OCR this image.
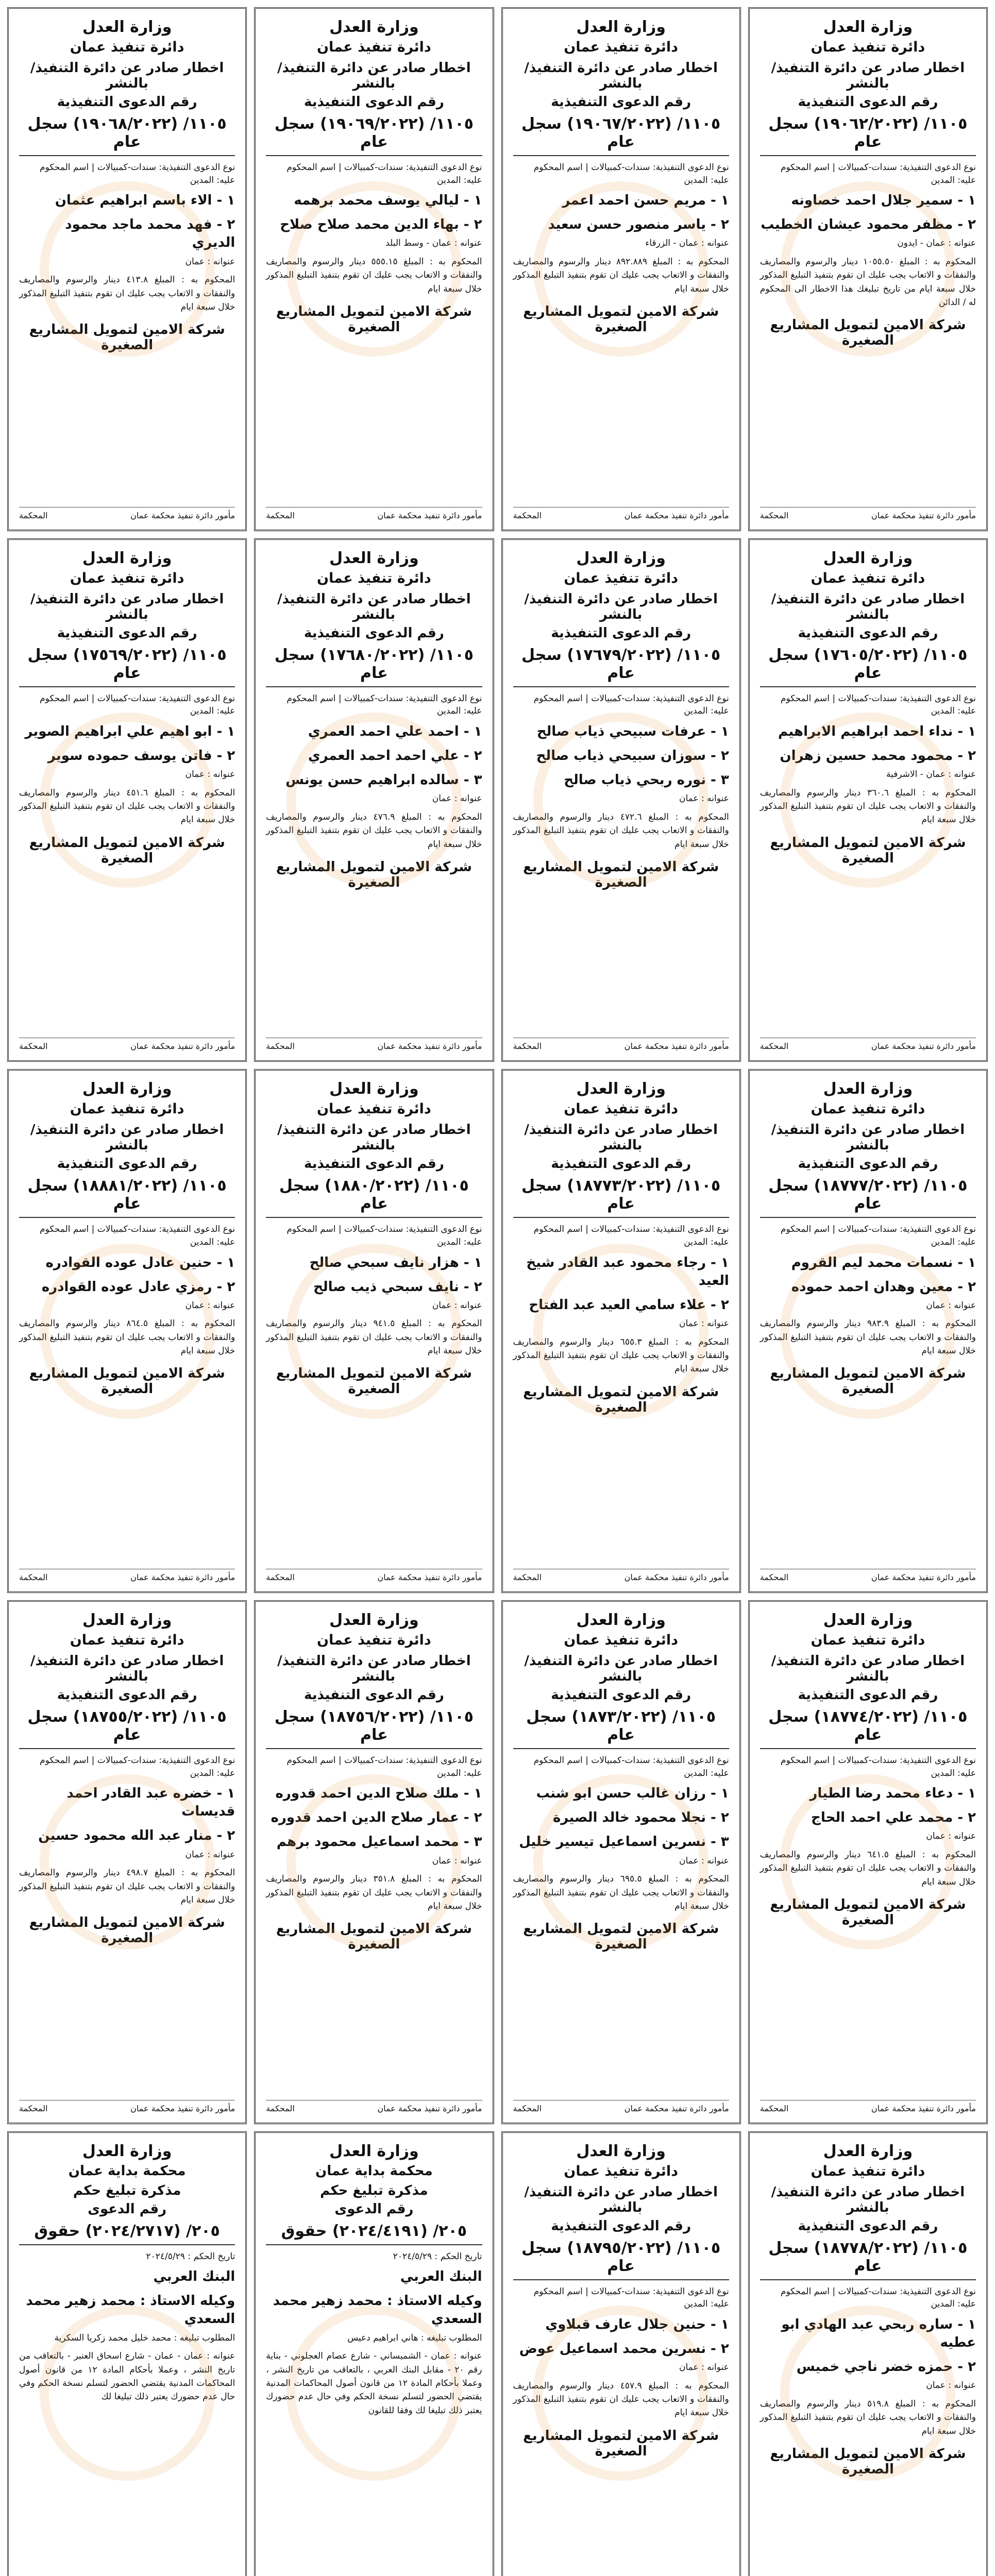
وزارة العدل
دائرة تنفيذ عمان
اخطار صادر عن دائرة التنفيذ/ بالنشر
رقم الدعوى التنفيذية
١١٠٥/ (١٩٠٦٢/٢٠٢٢) سجل عام
نوع الدعوى التنفيذية: سندات-كمبيالات | اسم المحكوم عليه: المدين
١ - سمير جلال احمد خصاونه
٢ - مظفر محمود عيشان الخطيب
عنوانه : عمان - ايدون
المحكوم به : المبلغ ١٠٥٥.٥٠ دينار والرسوم والمصاريف والنفقات و الاتعاب يجب عليك ان تقوم بتنفيذ التبليغ المذكور خلال سبعة ايام من تاريخ تبليغك هذا الاخطار الى المحكوم له / الدائن
شركة الامين لتمويل المشاريع الصغيرة
مأمور دائرة تنفيذ محكمة عمان
المحكمة
وزارة العدل
دائرة تنفيذ عمان
اخطار صادر عن دائرة التنفيذ/ بالنشر
رقم الدعوى التنفيذية
١١٠٥/ (١٩٠٦٧/٢٠٢٢) سجل عام
نوع الدعوى التنفيذية: سندات-كمبيالات | اسم المحكوم عليه: المدين
١ - مريم حسن احمد اعمر
٢ - ياسر منصور حسن سعيد
عنوانه : عمان - الزرقاء
المحكوم به : المبلغ ٨٩٢.٨٨٩ دينار والرسوم والمصاريف والنفقات و الاتعاب يجب عليك ان تقوم بتنفيذ التبليغ المذكور خلال سبعة ايام
شركة الامين لتمويل المشاريع الصغيرة
مأمور دائرة تنفيذ محكمة عمان
المحكمة
وزارة العدل
دائرة تنفيذ عمان
اخطار صادر عن دائرة التنفيذ/ بالنشر
رقم الدعوى التنفيذية
١١٠٥/ (١٩٠٦٩/٢٠٢٢) سجل عام
نوع الدعوى التنفيذية: سندات-كمبيالات | اسم المحكوم عليه: المدين
١ - ليالي يوسف محمد برهمه
٢ - بهاء الدين محمد صلاح صلاح
عنوانه : عمان - وسط البلد
المحكوم به : المبلغ ٥٥٥.١٥ دينار والرسوم والمصاريف والنفقات و الاتعاب يجب عليك ان تقوم بتنفيذ التبليغ المذكور خلال سبعة ايام
شركة الامين لتمويل المشاريع الصغيرة
مأمور دائرة تنفيذ محكمة عمان
المحكمة
وزارة العدل
دائرة تنفيذ عمان
اخطار صادر عن دائرة التنفيذ/ بالنشر
رقم الدعوى التنفيذية
١١٠٥/ (١٩٠٦٨/٢٠٢٢) سجل عام
نوع الدعوى التنفيذية: سندات-كمبيالات | اسم المحكوم عليه: المدين
١ - الاء باسم ابراهيم عثمان
٢ - فهد محمد ماجد محمود الديري
عنوانه : عمان
المحكوم به : المبلغ ٤١٣.٨ دينار والرسوم والمصاريف والنفقات و الاتعاب يجب عليك ان تقوم بتنفيذ التبليغ المذكور خلال سبعة ايام
شركة الامين لتمويل المشاريع الصغيرة
مأمور دائرة تنفيذ محكمة عمان
المحكمة
وزارة العدل
دائرة تنفيذ عمان
اخطار صادر عن دائرة التنفيذ/ بالنشر
رقم الدعوى التنفيذية
١١٠٥/ (١٧٦٠٥/٢٠٢٢) سجل عام
نوع الدعوى التنفيذية: سندات-كمبيالات | اسم المحكوم عليه: المدين
١ - نداء احمد ابراهيم الابراهيم
٢ - محمود محمد حسين زهران
عنوانه : عمان - الاشرفية
المحكوم به : المبلغ ٣٦٠.٦ دينار والرسوم والمصاريف والنفقات و الاتعاب يجب عليك ان تقوم بتنفيذ التبليغ المذكور خلال سبعة ايام
شركة الامين لتمويل المشاريع الصغيرة
مأمور دائرة تنفيذ محكمة عمان
المحكمة
وزارة العدل
دائرة تنفيذ عمان
اخطار صادر عن دائرة التنفيذ/ بالنشر
رقم الدعوى التنفيذية
١١٠٥/ (١٧٦٧٩/٢٠٢٢) سجل عام
نوع الدعوى التنفيذية: سندات-كمبيالات | اسم المحكوم عليه: المدين
١ - عرفات سبيحي ذياب صالح
٢ - سوزان سبيحي ذياب صالح
٣ - نوره ربحي ذياب صالح
عنوانه : عمان
المحكوم به : المبلغ ٤٧٢.٦ دينار والرسوم والمصاريف والنفقات و الاتعاب يجب عليك ان تقوم بتنفيذ التبليغ المذكور خلال سبعة ايام
شركة الامين لتمويل المشاريع الصغيرة
مأمور دائرة تنفيذ محكمة عمان
المحكمة
وزارة العدل
دائرة تنفيذ عمان
اخطار صادر عن دائرة التنفيذ/ بالنشر
رقم الدعوى التنفيذية
١١٠٥/ (١٧٦٨٠/٢٠٢٢) سجل عام
نوع الدعوى التنفيذية: سندات-كمبيالات | اسم المحكوم عليه: المدين
١ - احمد علي احمد العمري
٢ - علي احمد احمد العمري
٣ - سالده ابراهيم حسن يونس
عنوانه : عمان
المحكوم به : المبلغ ٤٧٦.٩ دينار والرسوم والمصاريف والنفقات و الاتعاب يجب عليك ان تقوم بتنفيذ التبليغ المذكور خلال سبعة ايام
شركة الامين لتمويل المشاريع الصغيرة
مأمور دائرة تنفيذ محكمة عمان
المحكمة
وزارة العدل
دائرة تنفيذ عمان
اخطار صادر عن دائرة التنفيذ/ بالنشر
رقم الدعوى التنفيذية
١١٠٥/ (١٧٥٦٩/٢٠٢٢) سجل عام
نوع الدعوى التنفيذية: سندات-كمبيالات | اسم المحكوم عليه: المدين
١ - ابو اهيم علي ابراهيم الصوير
٢ - فاتن يوسف حموده سوير
عنوانه : عمان
المحكوم به : المبلغ ٤٥١.٦ دينار والرسوم والمصاريف والنفقات و الاتعاب يجب عليك ان تقوم بتنفيذ التبليغ المذكور خلال سبعة ايام
شركة الامين لتمويل المشاريع الصغيرة
مأمور دائرة تنفيذ محكمة عمان
المحكمة
وزارة العدل
دائرة تنفيذ عمان
اخطار صادر عن دائرة التنفيذ/ بالنشر
رقم الدعوى التنفيذية
١١٠٥/ (١٨٧٧٧/٢٠٢٢) سجل عام
نوع الدعوى التنفيذية: سندات-كمبيالات | اسم المحكوم عليه: المدين
١ - نسمات محمد ليم القروم
٢ - معين وهدان احمد حموده
عنوانه : عمان
المحكوم به : المبلغ ٩٨٣.٩ دينار والرسوم والمصاريف والنفقات و الاتعاب يجب عليك ان تقوم بتنفيذ التبليغ المذكور خلال سبعة ايام
شركة الامين لتمويل المشاريع الصغيرة
مأمور دائرة تنفيذ محكمة عمان
المحكمة
وزارة العدل
دائرة تنفيذ عمان
اخطار صادر عن دائرة التنفيذ/ بالنشر
رقم الدعوى التنفيذية
١١٠٥/ (١٨٧٧٣/٢٠٢٢) سجل عام
نوع الدعوى التنفيذية: سندات-كمبيالات | اسم المحكوم عليه: المدين
١ - رجاء محمود عبد القادر شيخ العيد
٢ - علاء سامي العيد عبد الفتاح
عنوانه : عمان
المحكوم به : المبلغ ٦٥٥.٣ دينار والرسوم والمصاريف والنفقات و الاتعاب يجب عليك ان تقوم بتنفيذ التبليغ المذكور خلال سبعة ايام
شركة الامين لتمويل المشاريع الصغيرة
مأمور دائرة تنفيذ محكمة عمان
المحكمة
وزارة العدل
دائرة تنفيذ عمان
اخطار صادر عن دائرة التنفيذ/ بالنشر
رقم الدعوى التنفيذية
١١٠٥/ (١٨٨٠/٢٠٢٢) سجل عام
نوع الدعوى التنفيذية: سندات-كمبيالات | اسم المحكوم عليه: المدين
١ - هزار نايف سبحي صالح
٢ - نايف سبحي ذيب صالح
عنوانه : عمان
المحكوم به : المبلغ ٩٤١.٥ دينار والرسوم والمصاريف والنفقات و الاتعاب يجب عليك ان تقوم بتنفيذ التبليغ المذكور خلال سبعة ايام
شركة الامين لتمويل المشاريع الصغيرة
مأمور دائرة تنفيذ محكمة عمان
المحكمة
وزارة العدل
دائرة تنفيذ عمان
اخطار صادر عن دائرة التنفيذ/ بالنشر
رقم الدعوى التنفيذية
١١٠٥/ (١٨٨٨١/٢٠٢٢) سجل عام
نوع الدعوى التنفيذية: سندات-كمبيالات | اسم المحكوم عليه: المدين
١ - حنين عادل عوده القوادره
٢ - رمزي عادل عوده القوادره
عنوانه : عمان
المحكوم به : المبلغ ٨٦٤.٥ دينار والرسوم والمصاريف والنفقات و الاتعاب يجب عليك ان تقوم بتنفيذ التبليغ المذكور خلال سبعة ايام
شركة الامين لتمويل المشاريع الصغيرة
مأمور دائرة تنفيذ محكمة عمان
المحكمة
وزارة العدل
دائرة تنفيذ عمان
اخطار صادر عن دائرة التنفيذ/ بالنشر
رقم الدعوى التنفيذية
١١٠٥/ (١٨٧٧٤/٢٠٢٢) سجل عام
نوع الدعوى التنفيذية: سندات-كمبيالات | اسم المحكوم عليه: المدين
١ - دعاء محمد رضا الطيار
٢ - محمد علي احمد الحاج
عنوانه : عمان
المحكوم به : المبلغ ٦٤١.٥ دينار والرسوم والمصاريف والنفقات و الاتعاب يجب عليك ان تقوم بتنفيذ التبليغ المذكور خلال سبعة ايام
شركة الامين لتمويل المشاريع الصغيرة
مأمور دائرة تنفيذ محكمة عمان
المحكمة
وزارة العدل
دائرة تنفيذ عمان
اخطار صادر عن دائرة التنفيذ/ بالنشر
رقم الدعوى التنفيذية
١١٠٥/ (١٨٧٣/٢٠٢٢) سجل عام
نوع الدعوى التنفيذية: سندات-كمبيالات | اسم المحكوم عليه: المدين
١ - رزان غالب حسن ابو شنب
٢ - نجلا محمود خالد الصيرة
٣ - نسرين اسماعيل تيسير خليل
عنوانه : عمان
المحكوم به : المبلغ ٦٩٥.٥ دينار والرسوم والمصاريف والنفقات و الاتعاب يجب عليك ان تقوم بتنفيذ التبليغ المذكور خلال سبعة ايام
شركة الامين لتمويل المشاريع الصغيرة
مأمور دائرة تنفيذ محكمة عمان
المحكمة
وزارة العدل
دائرة تنفيذ عمان
اخطار صادر عن دائرة التنفيذ/ بالنشر
رقم الدعوى التنفيذية
١١٠٥/ (١٨٧٥٦/٢٠٢٢) سجل عام
نوع الدعوى التنفيذية: سندات-كمبيالات | اسم المحكوم عليه: المدين
١ - ملك صلاح الدين احمد قدوره
٢ - عمار صلاح الدين احمد قدوره
٣ - محمد اسماعيل محمود برهم
عنوانه : عمان
المحكوم به : المبلغ ٣٥١.٨ دينار والرسوم والمصاريف والنفقات و الاتعاب يجب عليك ان تقوم بتنفيذ التبليغ المذكور خلال سبعة ايام
شركة الامين لتمويل المشاريع الصغيرة
مأمور دائرة تنفيذ محكمة عمان
المحكمة
وزارة العدل
دائرة تنفيذ عمان
اخطار صادر عن دائرة التنفيذ/ بالنشر
رقم الدعوى التنفيذية
١١٠٥/ (١٨٧٥٥/٢٠٢٢) سجل عام
نوع الدعوى التنفيذية: سندات-كمبيالات | اسم المحكوم عليه: المدين
١ - خضره عبد القادر احمد قديسات
٢ - منار عبد الله محمود حسين
عنوانه : عمان
المحكوم به : المبلغ ٤٩٨.٧ دينار والرسوم والمصاريف والنفقات و الاتعاب يجب عليك ان تقوم بتنفيذ التبليغ المذكور خلال سبعة ايام
شركة الامين لتمويل المشاريع الصغيرة
مأمور دائرة تنفيذ محكمة عمان
المحكمة
وزارة العدل
دائرة تنفيذ عمان
اخطار صادر عن دائرة التنفيذ/ بالنشر
رقم الدعوى التنفيذية
١١٠٥/ (١٨٧٧٨/٢٠٢٢) سجل عام
نوع الدعوى التنفيذية: سندات-كمبيالات | اسم المحكوم عليه: المدين
١ - ساره ربحي عبد الهادي ابو عطيه
٢ - حمزه خضر ناجي خميس
عنوانه : عمان
المحكوم به : المبلغ ٥١٩.٨ دينار والرسوم والمصاريف والنفقات و الاتعاب يجب عليك ان تقوم بتنفيذ التبليغ المذكور خلال سبعة ايام
شركة الامين لتمويل المشاريع الصغيرة
وزارة العدل
دائرة تنفيذ عمان
اخطار صادر عن دائرة التنفيذ/ بالنشر
رقم الدعوى التنفيذية
١١٠٥/ (١٨٧٩٥/٢٠٢٢) سجل عام
نوع الدعوى التنفيذية: سندات-كمبيالات | اسم المحكوم عليه: المدين
١ - حنين جلال عارف قبلاوي
٢ - نسرين محمد اسماعيل عوض
عنوانه : عمان
المحكوم به : المبلغ ٤٥٧.٩ دينار والرسوم والمصاريف والنفقات و الاتعاب يجب عليك ان تقوم بتنفيذ التبليغ المذكور خلال سبعة ايام
شركة الامين لتمويل المشاريع الصغيرة
وزارة العدل
محكمة بداية عمان
مذكرة تبليغ حكم
رقم الدعوى
٢٠٥/ (٢٠٢٤/٤١٩١) حقوق
تاريخ الحكم : ٢٠٢٤/٥/٢٩
البنك العربي
وكيله الاستاذ : محمد زهير محمد السعدي
المطلوب تبليغه : هاني ابراهيم دعيس
عنوانه : عمان - الشميساني - شارع عصام العجلوني - بناية رقم ٢٠ - مقابل البنك العربي ، بالتعاقب من تاريخ النشر ، وعملا بأحكام المادة ١٢ من قانون أصول المحاكمات المدنية يقتضي الحضور لتسلم نسخة الحكم وفي حال عدم حضورك يعتبر ذلك تبليغا لك وفقا للقانون
وزارة العدل
محكمة بداية عمان
مذكرة تبليغ حكم
رقم الدعوى
٢٠٥/ (٢٠٢٤/٢٧١٧) حقوق
تاريخ الحكم : ٢٠٢٤/٥/٢٩
البنك العربي
وكيله الاستاذ : محمد زهير محمد السعدي
المطلوب تبليغه : محمد خليل محمد زكريا السكرية
عنوانه : عمان - عمان - شارع اسحاق العنبر - بالتعاقب من تاريخ النشر ، وعملا بأحكام المادة ١٢ من قانون أصول المحاكمات المدنية يقتضي الحضور لتسلم نسخة الحكم وفي حال عدم حضورك يعتبر ذلك تبليغا لك
